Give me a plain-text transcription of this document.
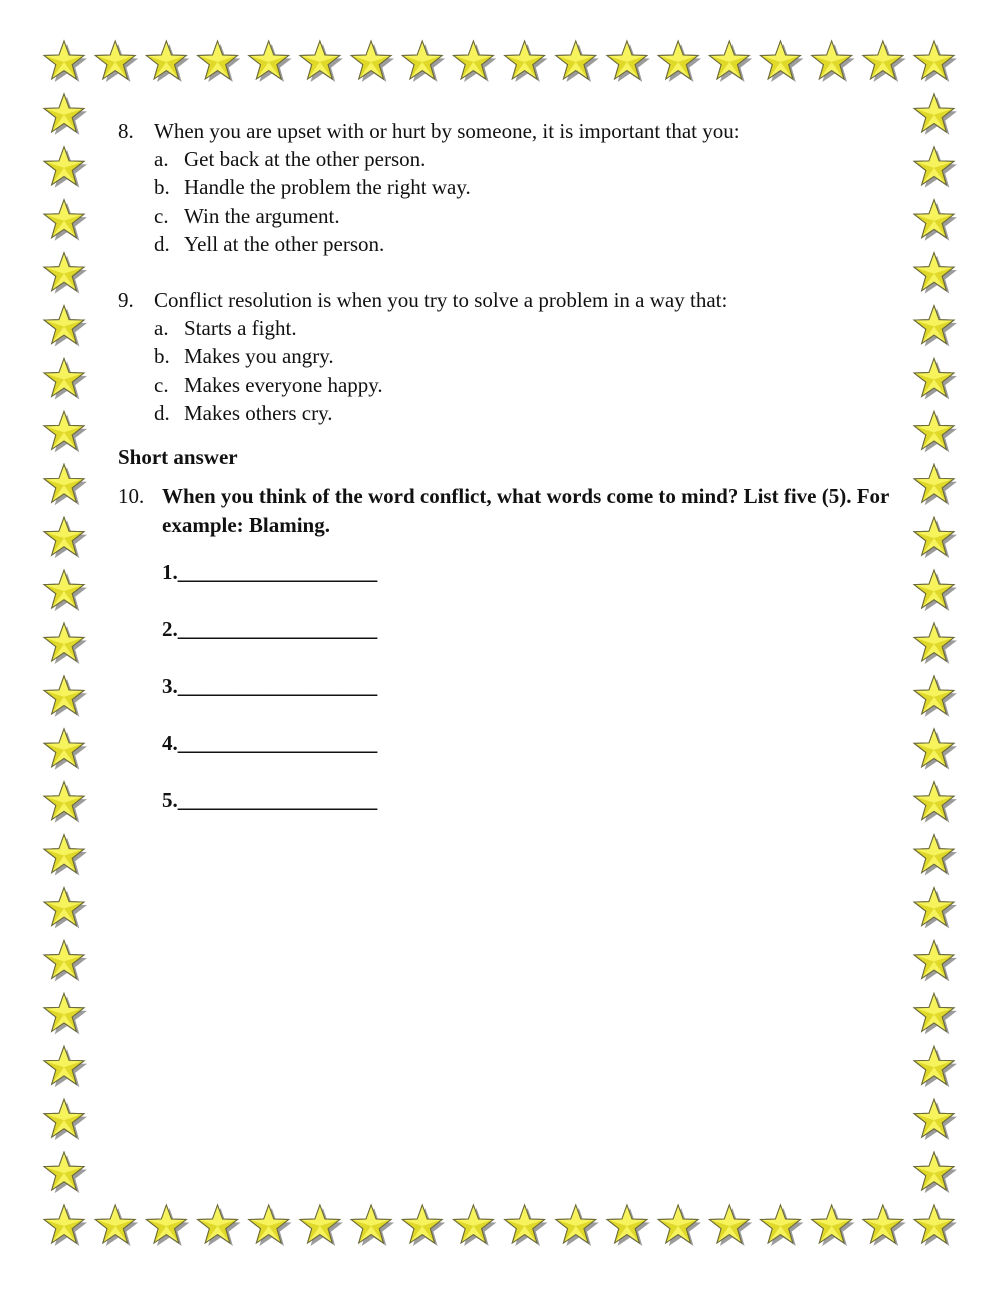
8. When you are upset with or hurt by someone, it is important that you:
a. Get back at the other person.
b. Handle the problem the right way.
c. Win the argument.
d. Yell at the other person.
9. Conflict resolution is when you try to solve a problem in a way that:
a. Starts a fight.
b. Makes you angry.
c. Makes everyone happy.
d. Makes others cry.
Short answer
10. When you think of the word conflict, what words come to mind? List five (5). For example: Blaming.
1.___________________
2.___________________
3.___________________
4.___________________
5.___________________
